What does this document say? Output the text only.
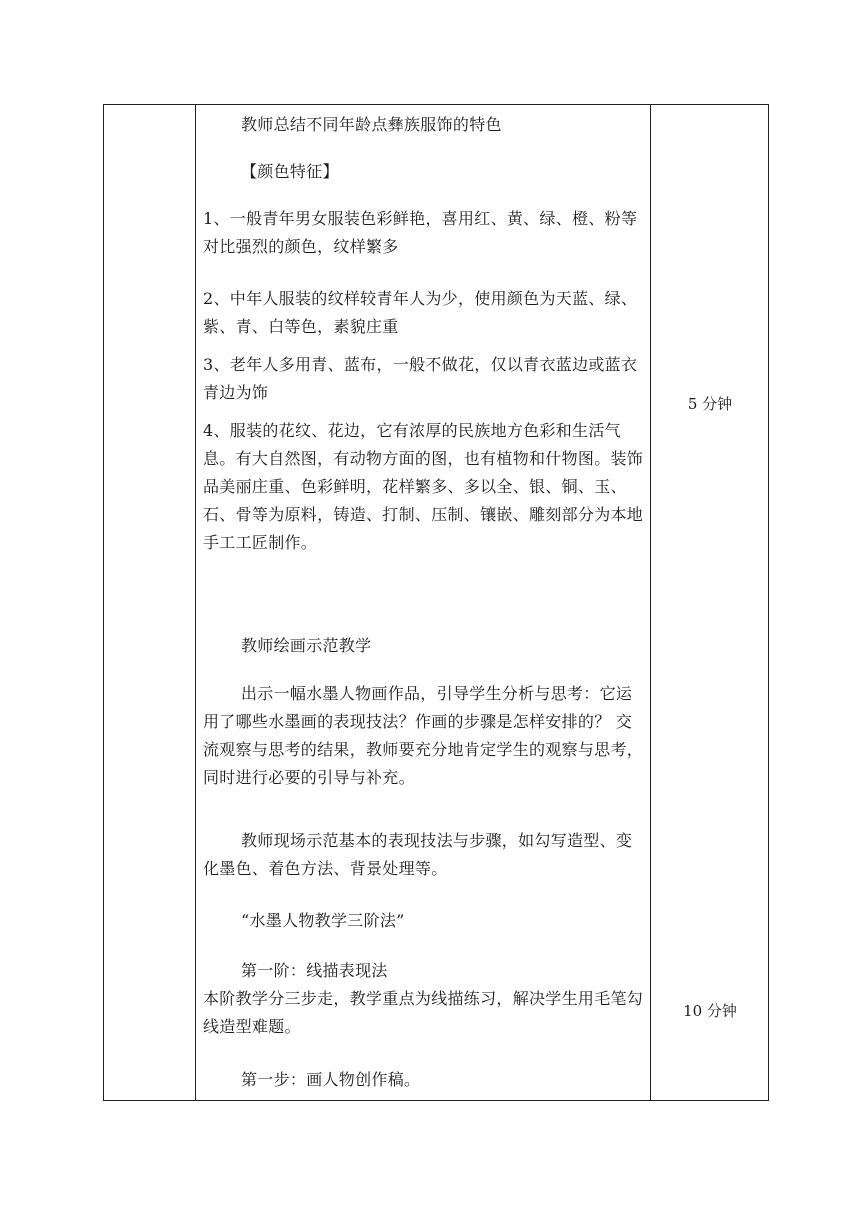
教师总结不同年龄点彝族服饰的特色

【颜色特征】

1、一般青年男女服装色彩鲜艳，喜用红、黄、绿、橙、粉等对比强烈的颜色，纹样繁多

2、中年人服装的纹样较青年人为少，使用颜色为天蓝、绿、紫、青、白等色，素貌庄重

3、老年人多用青、蓝布，一般不做花，仅以青衣蓝边或蓝衣青边为饰

4、服装的花纹、花边，它有浓厚的民族地方色彩和生活气息。有大自然图，有动物方面的图，也有植物和什物图。装饰品美丽庄重、色彩鲜明，花样繁多、多以全、银、铜、玉、石、骨等为原料，铸造、打制、压制、镶嵌、雕刻部分为本地手工工匠制作。

教师绘画示范教学

出示一幅水墨人物画作品，引导学生分析与思考：它运用了哪些水墨画的表现技法？作画的步骤是怎样安排的？ 交流观察与思考的结果，教师要充分地肯定学生的观察与思考，同时进行必要的引导与补充。

教师现场示范基本的表现技法与步骤，如勾写造型、变化墨色、着色方法、背景处理等。

“水墨人物教学三阶法”

第一阶：线描表现法

本阶教学分三步走，教学重点为线描练习，解决学生用毛笔勾线造型难题。

第一步：画人物创作稿。

5 分钟
10 分钟
